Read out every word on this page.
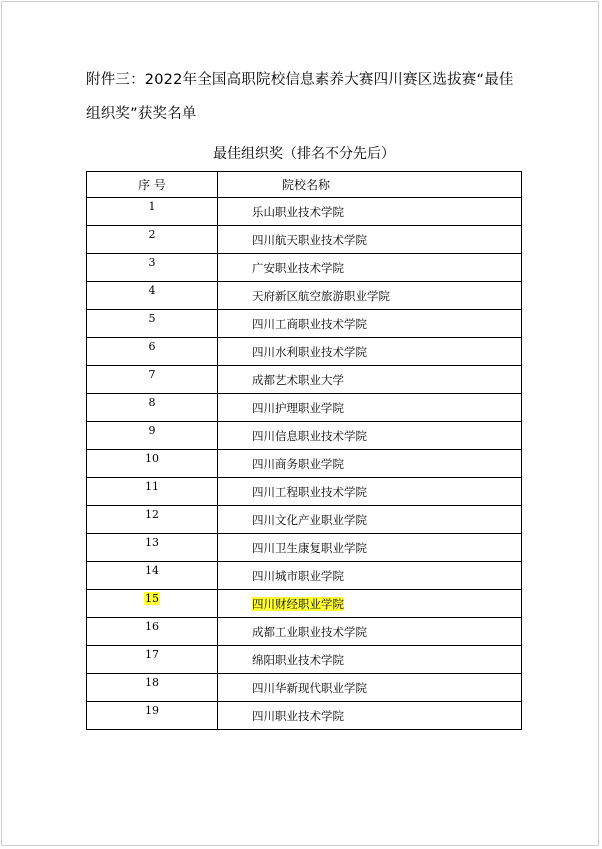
附件三：2022年全国高职院校信息素养大赛四川赛区选拔赛“最佳组织奖”获奖名单
最佳组织奖（排名不分先后）
序 号	院校名称
1	乐山职业技术学院
2	四川航天职业技术学院
3	广安职业技术学院
4	天府新区航空旅游职业学院
5	四川工商职业技术学院
6	四川水利职业技术学院
7	成都艺术职业大学
8	四川护理职业学院
9	四川信息职业技术学院
10	四川商务职业学院
11	四川工程职业技术学院
12	四川文化产业职业学院
13	四川卫生康复职业学院
14	四川城市职业学院
15	四川财经职业学院
16	成都工业职业技术学院
17	绵阳职业技术学院
18	四川华新现代职业学院
19	四川职业技术学院
